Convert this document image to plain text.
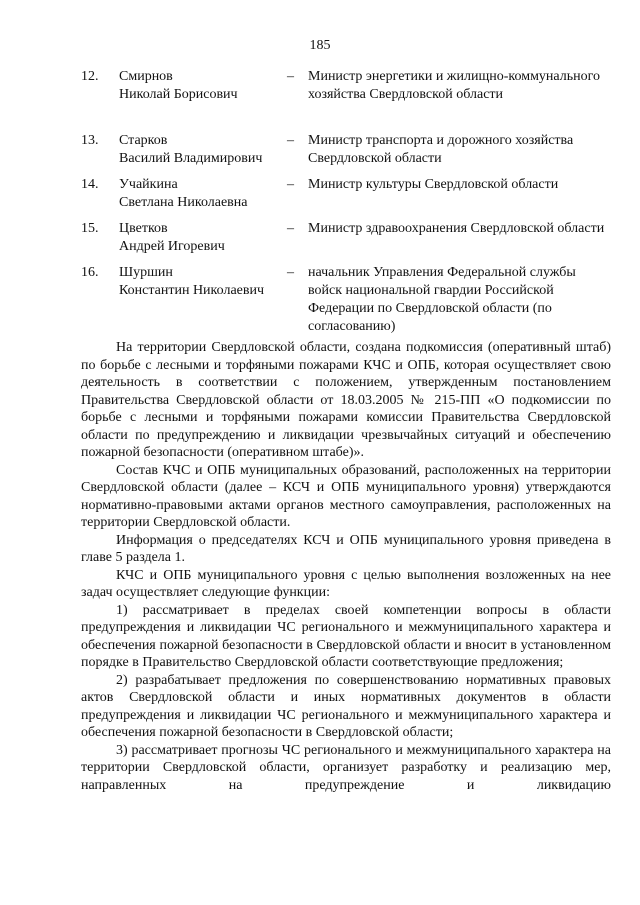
185
12. Смирнов
Николай Борисович
– Министр энергетики и жилищно-коммунального хозяйства Свердловской области
13. Старков
Василий Владимирович
– Министр транспорта и дорожного хозяйства Свердловской области
14. Учайкина
Светлана Николаевна
– Министр культуры Свердловской области
15. Цветков
Андрей Игоревич
– Министр здравоохранения Свердловской области
16. Шуршин
Константин Николаевич
– начальник Управления Федеральной службы войск национальной гвардии Российской Федерации по Свердловской области (по согласованию)

На территории Свердловской области, создана подкомиссия (оперативный штаб) по борьбе с лесными и торфяными пожарами КЧС и ОПБ, которая осуществляет свою деятельность в соответствии с положением, утвержденным постановлением Правительства Свердловской области от 18.03.2005 № 215-ПП «О подкомиссии по борьбе с лесными и торфяными пожарами комиссии Правительства Свердловской области по предупреждению и ликвидации чрезвычайных ситуаций и обеспечению пожарной безопасности (оперативном штабе)».

Состав КЧС и ОПБ муниципальных образований, расположенных на территории Свердловской области (далее – КСЧ и ОПБ муниципального уровня) утверждаются нормативно-правовыми актами органов местного самоуправления, расположенных на территории Свердловской области.

Информация о председателях КСЧ и ОПБ муниципального уровня приведена в главе 5 раздела 1.

КЧС и ОПБ муниципального уровня с целью выполнения возложенных на нее задач осуществляет следующие функции:

1) рассматривает в пределах своей компетенции вопросы в области предупреждения и ликвидации ЧС регионального и межмуниципального характера и обеспечения пожарной безопасности в Свердловской области и вносит в установленном порядке в Правительство Свердловской области соответствующие предложения;

2) разрабатывает предложения по совершенствованию нормативных правовых актов Свердловской области и иных нормативных документов в области предупреждения и ликвидации ЧС регионального и межмуниципального характера и обеспечения пожарной безопасности в Свердловской области;

3) рассматривает прогнозы ЧС регионального и межмуниципального характера на территории Свердловской области, организует разработку и реализацию мер, направленных на предупреждение и ликвидацию
